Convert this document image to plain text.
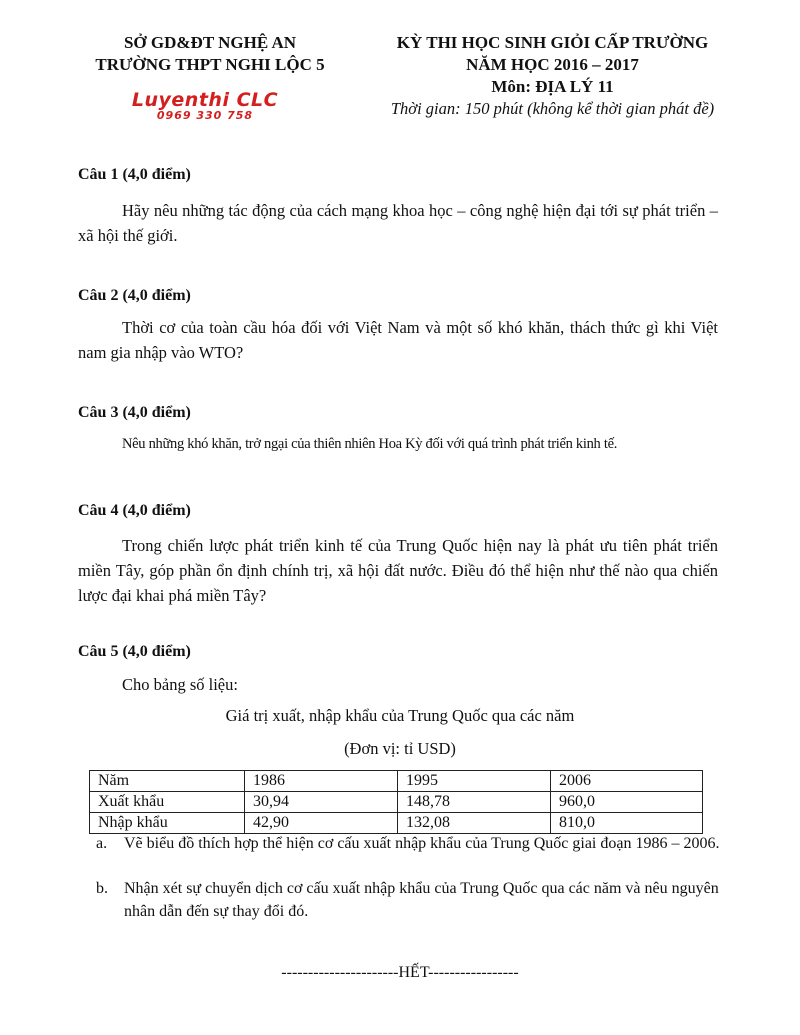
SỞ GD&ĐT NGHỆ AN
TRƯỜNG THPT NGHI LỘC 5
Luyenthi CLC
0969 330 758
KỲ THI HỌC SINH GIỎI CẤP TRƯỜNG
NĂM HỌC 2016 – 2017
Môn: ĐỊA LÝ 11
Thời gian: 150 phút (không kể thời gian phát đề)
Câu 1 (4,0 điểm)

Hãy nêu những tác động của cách mạng khoa học – công nghệ hiện đại tới sự phát triển – xã hội thế giới.

Câu 2 (4,0 điểm)

Thời cơ của toàn cầu hóa đối với Việt Nam và một số khó khăn, thách thức gì khi Việt nam gia nhập vào WTO?

Câu 3 (4,0 điểm)

Nêu những khó khăn, trở ngại của thiên nhiên Hoa Kỳ đối với quá trình phát triển kinh tế.

Câu 4 (4,0 điểm)

Trong chiến lược phát triển kinh tế của Trung Quốc hiện nay là phát ưu tiên phát triển miền Tây, góp phần ổn định chính trị, xã hội đất nước. Điều đó thể hiện như thế nào qua chiến lược đại khai phá miền Tây?

Câu 5 (4,0 điểm)
Cho bảng số liệu:
Giá trị xuất, nhập khẩu của Trung Quốc qua các năm
(Đơn vị: tỉ USD)
Năm	1986	1995	2006
Xuất khẩu	30,94	148,78	960,0
Nhập khẩu	42,90	132,08	810,0
a. Vẽ biểu đồ thích hợp thể hiện cơ cấu xuất nhập khẩu của Trung Quốc giai đoạn 1986 – 2006.
b. Nhận xét sự chuyển dịch cơ cấu xuất nhập khẩu của Trung Quốc qua các năm và nêu nguyên nhân dẫn đến sự thay đổi đó.
----------------------HẾT-----------------
